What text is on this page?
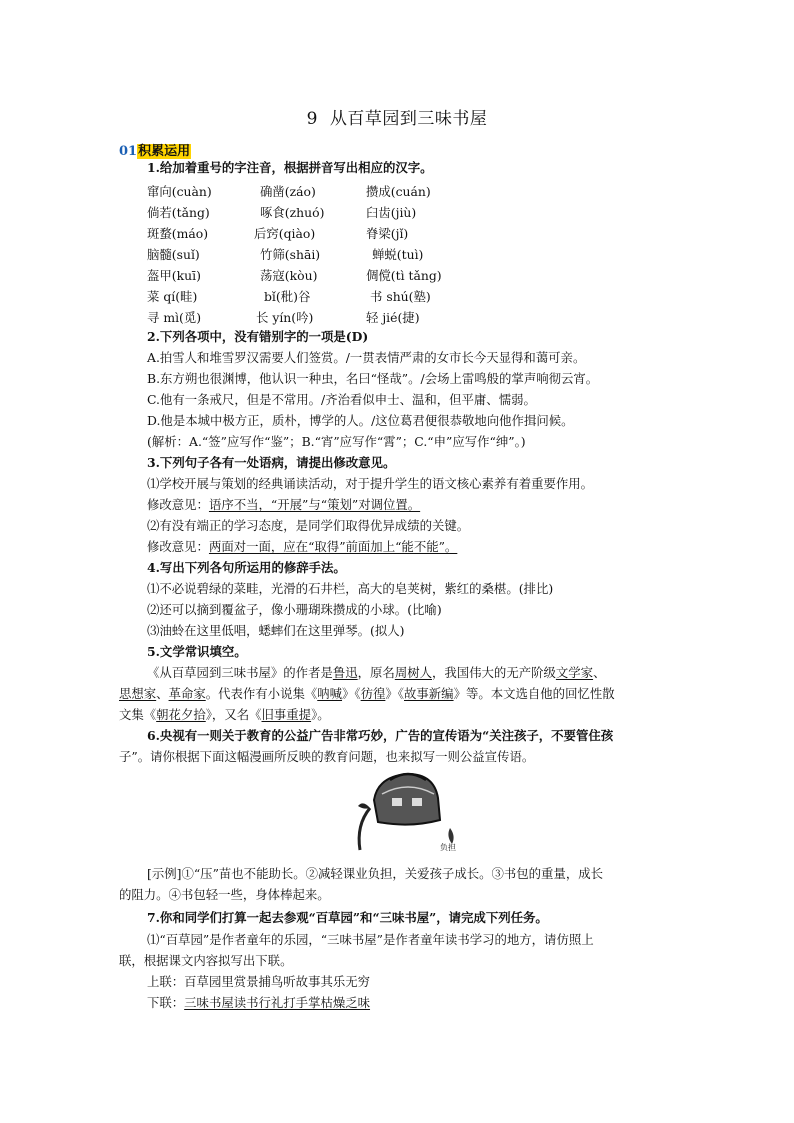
9 从百草园到三味书屋
01积累运用
1.给加着重号的字注音，根据拼音写出相应的汉字。
窜向(cuàn)	确凿(záo)	攒成(cuán)
倘若(tǎng)	啄食(zhuó)	臼齿(jiù)
斑蝥(máo)	后窍(qiào)	脊梁(jǐ)
脑髓(suǐ)	竹筛(shāi)	蝉蜕(tuì)
盔甲(kuī)	荡寇(kòu)	倜傥(tì tǎng)
菜 qí(畦)	bǐ(秕)谷	书 shú(塾)
寻 mì(觅)	长 yín(吟)	轻 jié(捷)
2.下列各项中，没有错别字的一项是(D)
A.拍雪人和堆雪罗汉需要人们签赏。/一贯表情严肃的女市长今天显得和蔼可亲。
B.东方朔也很渊博，他认识一种虫，名曰“怪哉”。/会场上雷鸣般的掌声响彻云宵。
C.他有一条戒尺，但是不常用。/齐治看似申士、温和，但平庸、懦弱。
D.他是本城中极方正，质朴，博学的人。/这位葛君便很恭敬地向他作揖问候。
(解析：A.“签”应写作“鉴”；B.“宵”应写作“霄”；C.“申”应写作“绅”。)
3.下列句子各有一处语病，请提出修改意见。
⑴学校开展与策划的经典诵读活动，对于提升学生的语文核心素养有着重要作用。
修改意见：语序不当，“开展”与“策划”对调位置。
⑵有没有端正的学习态度，是同学们取得优异成绩的关键。
修改意见：两面对一面，应在“取得”前面加上“能不能”。
4.写出下列各句所运用的修辞手法。
⑴不必说碧绿的菜畦，光滑的石井栏，高大的皂荚树，紫红的桑椹。(排比)
⑵还可以摘到覆盆子，像小珊瑚珠攒成的小球。(比喻)
⑶油蛉在这里低唱，蟋蟀们在这里弹琴。(拟人)
5.文学常识填空。
《从百草园到三味书屋》的作者是鲁迅，原名周树人，我国伟大的无产阶级文学家、
思想家、革命家。代表作有小说集《呐喊》《彷徨》《故事新编》等。本文选自他的回忆性散
文集《朝花夕拾》，又名《旧事重提》。
6.央视有一则关于教育的公益广告非常巧妙，广告的宣传语为“关注孩子，不要管住孩
子”。请你根据下面这幅漫画所反映的教育问题，也来拟写一则公益宣传语。
负担
[示例]①“压”苗也不能助长。②减轻课业负担，关爱孩子成长。③书包的重量，成长
的阻力。④书包轻一些，身体棒起来。
7.你和同学们打算一起去参观“百草园”和“三味书屋”，请完成下列任务。
⑴“百草园”是作者童年的乐园，“三味书屋”是作者童年读书学习的地方，请仿照上
联，根据课文内容拟写出下联。
上联：百草园里赏景捕鸟听故事其乐无穷
下联：三味书屋读书行礼打手掌枯燥乏味
